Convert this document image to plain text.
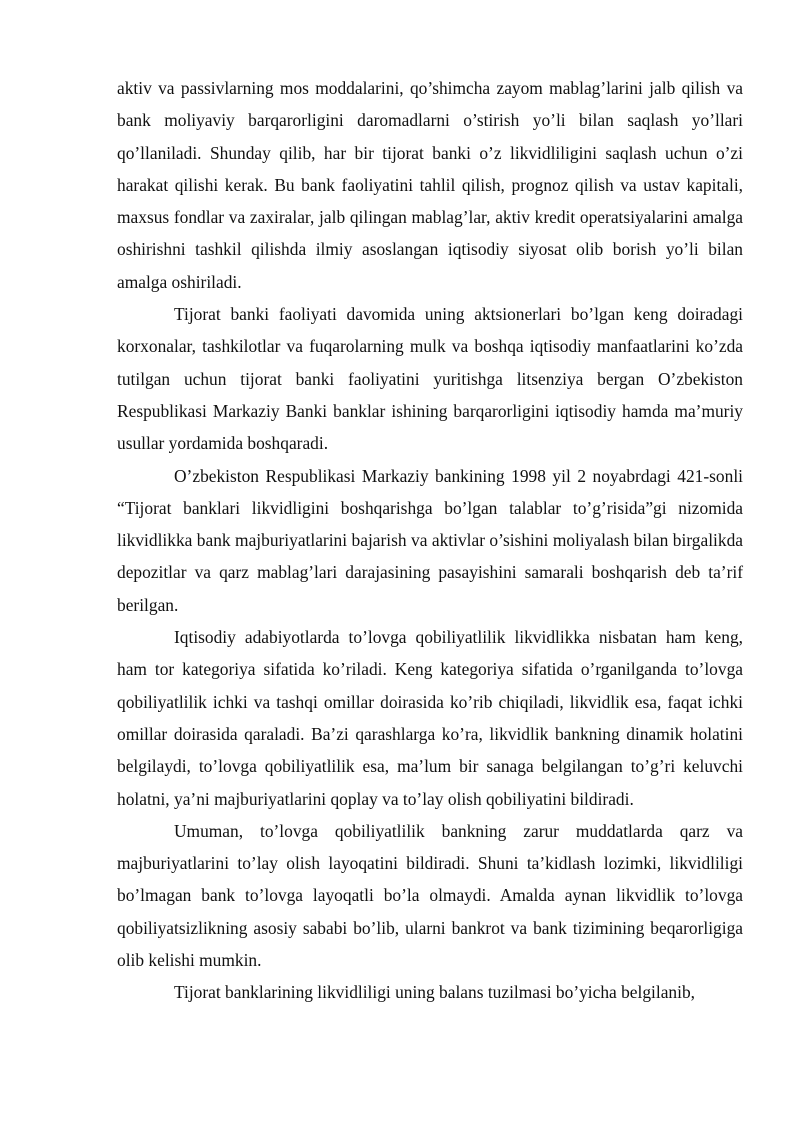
aktiv va passivlarning mos moddalarini, qo’shimcha zayom mablag’larini jalb qilish va bank moliyaviy barqarorligini daromadlarni o’stirish yo’li bilan saqlash yo’llari qo’llaniladi. Shunday qilib, har bir tijorat banki o’z likvidliligini saqlash uchun o’zi harakat qilishi kerak. Bu bank faoliyatini tahlil qilish, prognoz qilish va ustav kapitali, maxsus fondlar va zaxiralar, jalb qilingan mablag’lar, aktiv kredit operatsiyalarini amalga oshirishni tashkil qilishda ilmiy asoslangan iqtisodiy siyosat olib borish yo’li bilan amalga oshiriladi.

Tijorat banki faoliyati davomida uning aktsionerlari bo’lgan keng doiradagi korxonalar, tashkilotlar va fuqarolarning mulk va boshqa iqtisodiy manfaatlarini ko’zda tutilgan uchun tijorat banki faoliyatini yuritishga litsenziya bergan O’zbekiston Respublikasi Markaziy Banki banklar ishining barqarorligini iqtisodiy hamda ma’muriy usullar yordamida boshqaradi.

O’zbekiston Respublikasi Markaziy bankining 1998 yil 2 noyabrdagi 421-sonli “Tijorat banklari likvidligini boshqarishga bo’lgan talablar to’g’risida”gi nizomida likvidlikka bank majburiyatlarini bajarish va aktivlar o’sishini moliyalash bilan birgalikda depozitlar va qarz mablag’lari darajasining pasayishini samarali boshqarish deb ta’rif berilgan.

Iqtisodiy adabiyotlarda to’lovga qobiliyatlilik likvidlikka nisbatan ham keng, ham tor kategoriya sifatida ko’riladi. Keng kategoriya sifatida o’rganilganda to’lovga qobiliyatlilik ichki va tashqi omillar doirasida ko’rib chiqiladi, likvidlik esa, faqat ichki omillar doirasida qaraladi. Ba’zi qarashlarga ko’ra, likvidlik bankning dinamik holatini belgilaydi, to’lovga qobiliyatlilik esa, ma’lum bir sanaga belgilangan to’g’ri keluvchi holatni, ya’ni majburiyatlarini qoplay va to’lay olish qobiliyatini bildiradi.

Umuman, to’lovga qobiliyatlilik bankning zarur muddatlarda qarz va majburiyatlarini to’lay olish layoqatini bildiradi. Shuni ta’kidlash lozimki, likvidliligi bo’lmagan bank to’lovga layoqatli bo’la olmaydi. Amalda aynan likvidlik to’lovga qobiliyatsizlikning asosiy sababi bo’lib, ularni bankrot va bank tizimining beqarorligiga olib kelishi mumkin.

Tijorat banklarining likvidliligi uning balans tuzilmasi bo’yicha belgilanib,
